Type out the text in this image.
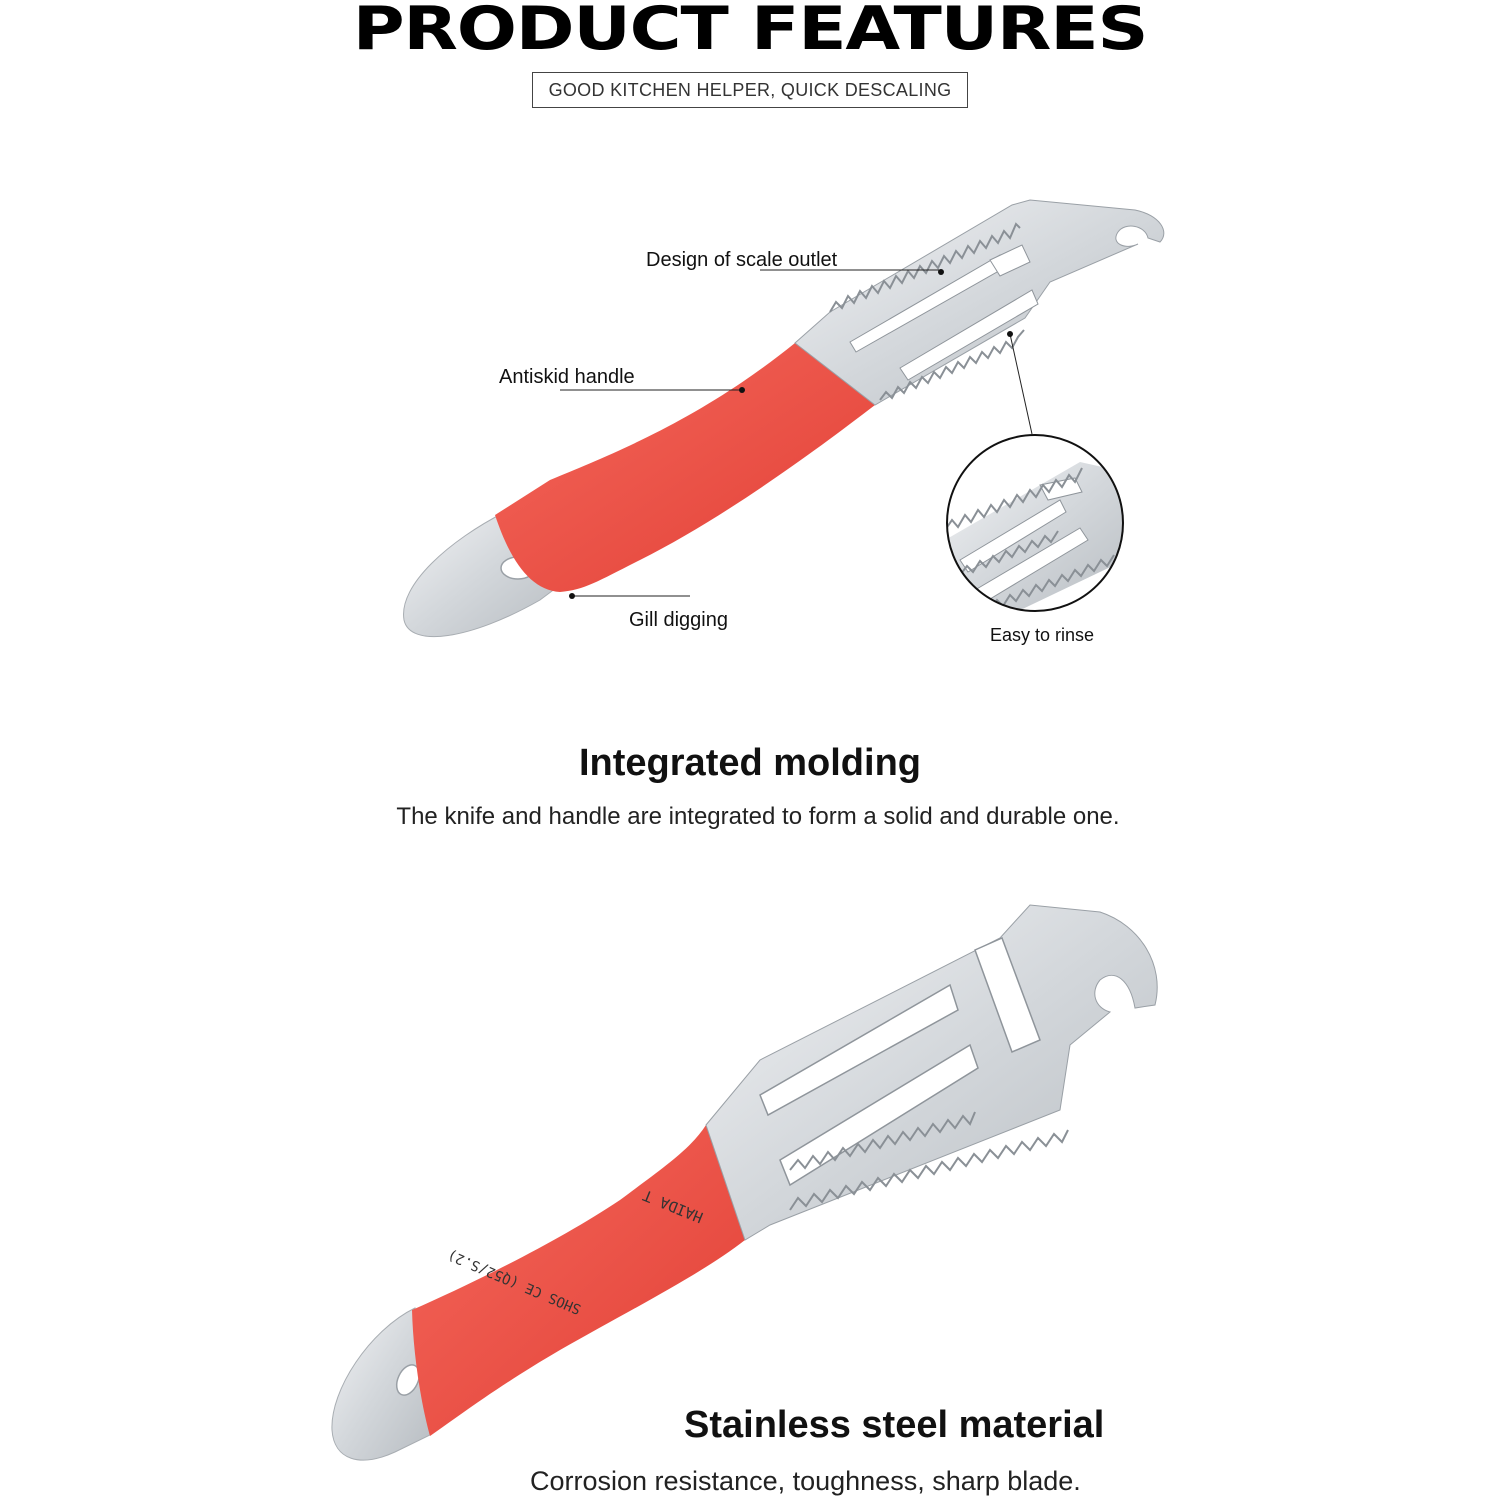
PRODUCT FEATURES
GOOD KITCHEN HELPER, QUICK DESCALING
HAIDA T
SHOS CE (Q52/S.2)
Design of scale outlet
Antiskid handle
Gill digging
Easy to rinse
Integrated molding
The knife and handle are integrated to form a solid and durable one.
Stainless steel material
Corrosion resistance, toughness, sharp blade.
